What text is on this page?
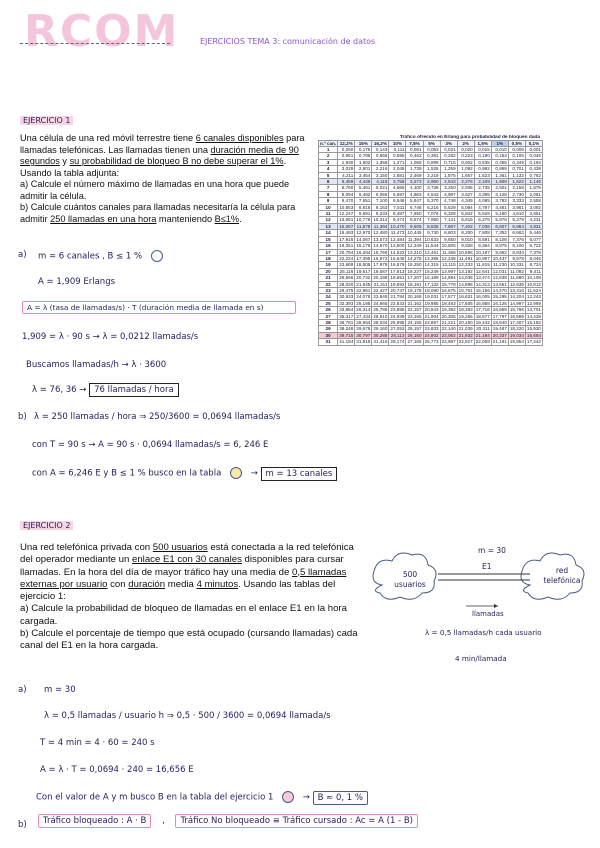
RCOM	EJERCICIOS TEMA 3: comunicación de datos
EJERCICIO 1
Una célula de una red móvil terrestre tiene 6 canales disponibles para llamadas telefónicas. Las llamadas tienen una duración media de 90 segundos y su probabilidad de bloqueo B no debe superar el 1%. Usando la tabla adjunta:
a) Calcule el número máximo de llamadas en una hora que puede admitir la célula.
b) Calcule cuántos canales para llamadas necesitaría la célula para admitir 250 llamadas en una hora manteniendo B≤1%.
Tráfico ofrecido en Erlang para probabilidad de bloqueo dada
n.º can.	12,2%	15%	16,2%	10%	7,5%	5%	3%	2%	1,5%	1%	0,5%	0,1%
1	0,250	0,176	0,143	0,111	0,081	0,053	0,031	0,020	0,015	0,010	0,005	0,001
2	0,961	0,796	0,666	0,595	0,462	0,381	0,282	0,223	0,190	0,153	0,105	0,046
3	1,930	1,602	1,358	1,271	1,058	0,899	0,715	0,602	0,535	0,455	0,349	0,194
4	3,029	2,501	2,216	2,045	1,739	1,525	1,259	1,092	0,992	0,869	0,701	0,439
5	4,211	3,454	3,150	2,881	2,469	2,219	1,875	1,657	1,523	1,361	1,132	0,762
6	5,459	4,446	4,115	3,758	3,273	2,960	2,543	2,276	2,109	1,909	1,622	1,146
7	6,760	5,461	5,021	4,666	4,100	3,738	3,250	2,935	2,735	2,501	2,158	1,579
8	8,094	6,492	6,056	5,597	4,963	4,543	3,987	3,627	3,395	3,128	2,730	2,051
9	9,470	7,551	7,100	6,546	5,847	5,370	4,748	4,345	4,085	3,783	3,333	2,558
10	10,853	8,616	8,163	7,511	6,746	6,216	5,529	5,084	4,797	4,461	3,961	3,092
11	12,247	9,691	9,233	8,487	7,650	7,076	6,328	5,842	5,529	5,160	4,610	3,651
12	13,651	10,776	10,312	9,474	8,574	7,950	7,141	6,615	6,276	5,876	5,279	4,231
13	15,067	11,878	11,394	10,470	9,505	8,835	7,967	7,402	7,036	6,607	5,964	4,831
14	16,493	12,970	12,480	11,473	10,445	9,730	8,803	8,200	7,808	7,352	6,663	5,446
15	17,916	14,067	13,573	12,484	11,394	10,633	9,650	9,010	8,591	8,108	7,376	6,077
16	19,351	15,176	14,670	13,500	12,349	11,544	10,505	9,828	9,384	8,875	8,100	6,722
17	20,784	16,284	15,769	14,522	13,310	12,461	11,368	10,656	10,187	9,652	8,834	7,378
18	22,224	17,395	16,872	15,548	14,278	13,385	12,238	11,491	10,997	10,437	9,578	8,046
19	23,669	18,505	17,978	16,579	15,250	14,315	13,115	12,333	11,815	11,230	10,331	8,724
20	25,116	19,617	19,087	17,613	16,227	15,249	13,997	13,182	12,641	12,031	11,092	9,411
21	26,566	20,732	20,198	18,651	17,207	16,189	14,884	14,036	13,474	12,838	11,860	10,108
22	28,020	21,845	21,311	19,692	18,191	17,132	15,778	14,896	14,313	13,651	12,635	10,812
23	29,475	22,961	22,427	20,737	19,178	18,080	16,675	15,761	15,156	14,470	13,416	11,524
24	30,933	24,078	23,545	21,784	20,168	19,031	17,577	16,631	16,005	15,295	14,204	12,243
25	32,393	25,195	24,665	22,833	21,162	19,985	18,483	17,505	16,858	16,125	14,997	12,969
26	33,854	26,314	25,786	23,885	22,157	20,943	19,392	18,383	17,716	16,959	15,796	13,701
27	35,317	27,434	26,910	24,939	23,155	21,904	20,305	19,265	18,577	17,797	16,599	14,439
28	36,781	28,554	28,034	25,995	24,155	22,867	21,221	20,150	19,442	18,640	17,407	15,182
29	38,248	29,675	29,160	27,053	25,157	23,833	22,140	21,039	20,311	19,487	18,220	15,930
30	39,715	30,797	30,288	28,113	26,160	24,802	23,062	21,932	21,184	20,337	19,034	16,684
31	41,184	31,919	31,416	29,174	27,165	25,773	23,987	22,827	22,059	21,191	19,854	17,442
a) m = 6 canales , B ≤ 1 %
A = 1,909 Erlangs
A = λ (tasa de llamadas/s) · T (duración media de llamada en s)
1,909 = λ · 90 s → λ = 0,0212 llamadas/s
Buscamos llamadas/h → λ · 3600
λ = 76, 36 → 76 llamadas / hora
b) λ = 250 llamadas / hora ⇒ 250/3600 = 0,0694 llamadas/s
con T = 90 s → A = 90 s · 0,0694 llamadas/s = 6, 246 E
con A = 6,246 E y B ≤ 1 % busco en la tabla	→ m = 13 canales
EJERCICIO 2
Una red telefónica privada con 500 usuarios está conectada a la red telefónica del operador mediante un enlace E1 con 30 canales disponibles para cursar llamadas. En la hora del día de mayor tráfico hay una media de 0,5 llamadas externas por usuario con duración media 4 minutos. Usando las tablas del ejercicio 1:
a) Calcule la probabilidad de bloqueo de llamadas en el enlace E1 en la hora cargada.
b) Calcule el porcentaje de tiempo que está ocupado (cursando llamadas) cada canal del E1 en la hora cargada.
m = 30
E1
500 usuarios
red telefónica
llamadas
λ = 0,5 llamadas/h cada usuario
4 min/llamada
a) m = 30
λ = 0,5 llamadas / usuario h ⇒ 0,5 · 500 / 3600 = 0,0694 llamada/s
T = 4 min = 4 · 60 = 240 s
A = λ · T = 0,0694 · 240 = 16,656 E
Con el valor de A y m busco B en la tabla del ejercicio 1	→ B ≈ 0, 1 %
b)	Tráfico bloqueado : A · B , Tráfico No bloqueado ≡ Tráfico cursado : Ac = A (1 - B)
